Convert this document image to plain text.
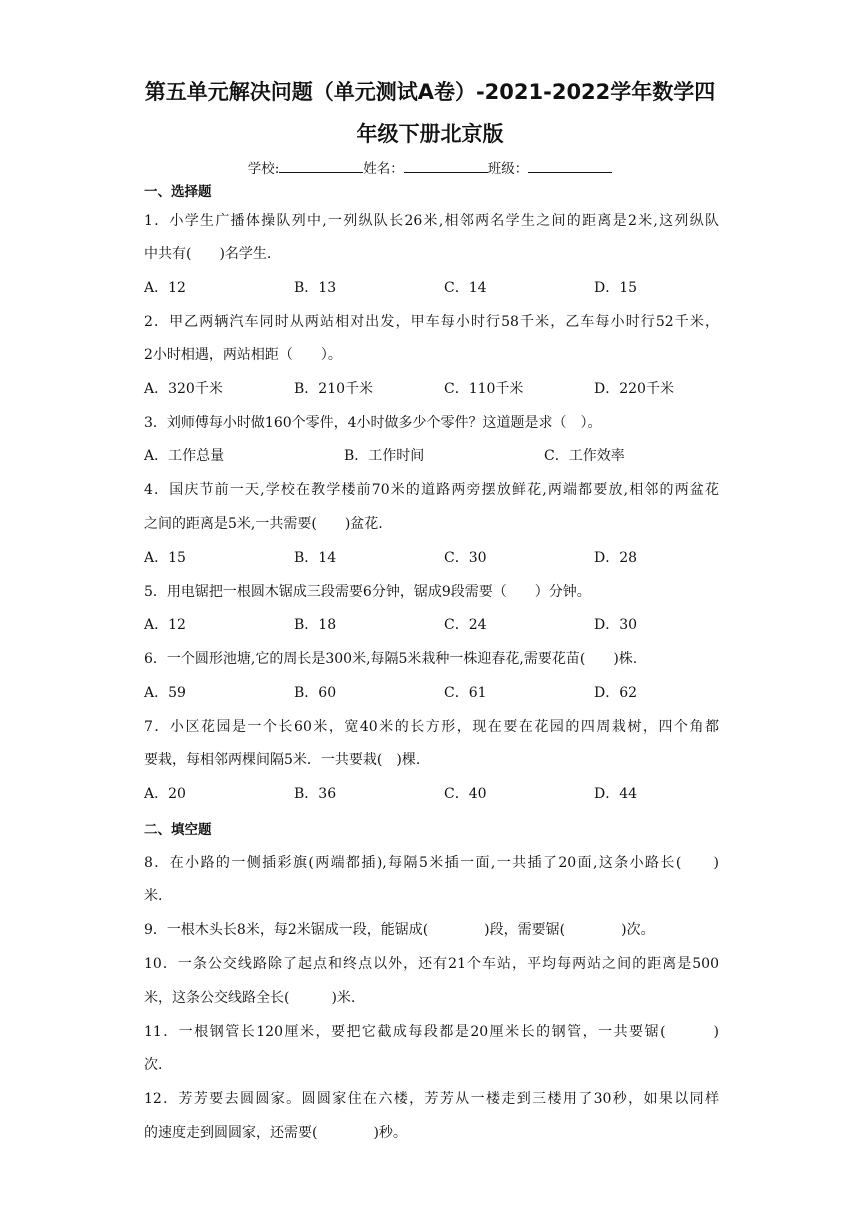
第五单元解决问题（单元测试A卷）-2021-2022学年数学四
年级下册北京版
学校:	姓名：	班级：
一、选择题
1．小学生广播体操队列中,一列纵队长26米,相邻两名学生之间的距离是2米,这列纵队
中共有(　　)名学生.
A．12	B．13	C．14	D．15
2．甲乙两辆汽车同时从两站相对出发，甲车每小时行58千米，乙车每小时行52千米，
2小时相遇，两站相距（　　）。
A．320千米	B．210千米	C．110千米	D．220千米
3．刘师傅每小时做160个零件，4小时做多少个零件？这道题是求（　）。
A．工作总量	B．工作时间	C．工作效率
4．国庆节前一天,学校在教学楼前70米的道路两旁摆放鲜花,两端都要放,相邻的两盆花
之间的距离是5米,一共需要(　　)盆花.
A．15	B．14	C．30	D．28
5．用电锯把一根圆木锯成三段需要6分钟，锯成9段需要（　　）分钟。
A．12	B．18	C．24	D．30
6．一个圆形池塘,它的周长是300米,每隔5米栽种一株迎春花,需要花苗(　　)株.
A．59	B．60	C．61	D．62
7．小区花园是一个长60米，宽40米的长方形，现在要在花园的四周栽树，四个角都
要栽，每相邻两棵间隔5米．一共要栽(　)棵.
A．20	B．36	C．40	D．44
二、填空题
8．在小路的一侧插彩旗(两端都插),每隔5米插一面,一共插了20面,这条小路长(　　)
米.
9．一根木头长8米，每2米锯成一段，能锯成(　　　　)段，需要锯(　　　　)次。
10．一条公交线路除了起点和终点以外，还有21个车站，平均每两站之间的距离是500
米，这条公交线路全长(　　　)米.
11．一根钢管长120厘米，要把它截成每段都是20厘米长的钢管，一共要锯(　　　)
次.
12．芳芳要去圆圆家。圆圆家住在六楼，芳芳从一楼走到三楼用了30秒，如果以同样
的速度走到圆圆家，还需要(　　　　)秒。
